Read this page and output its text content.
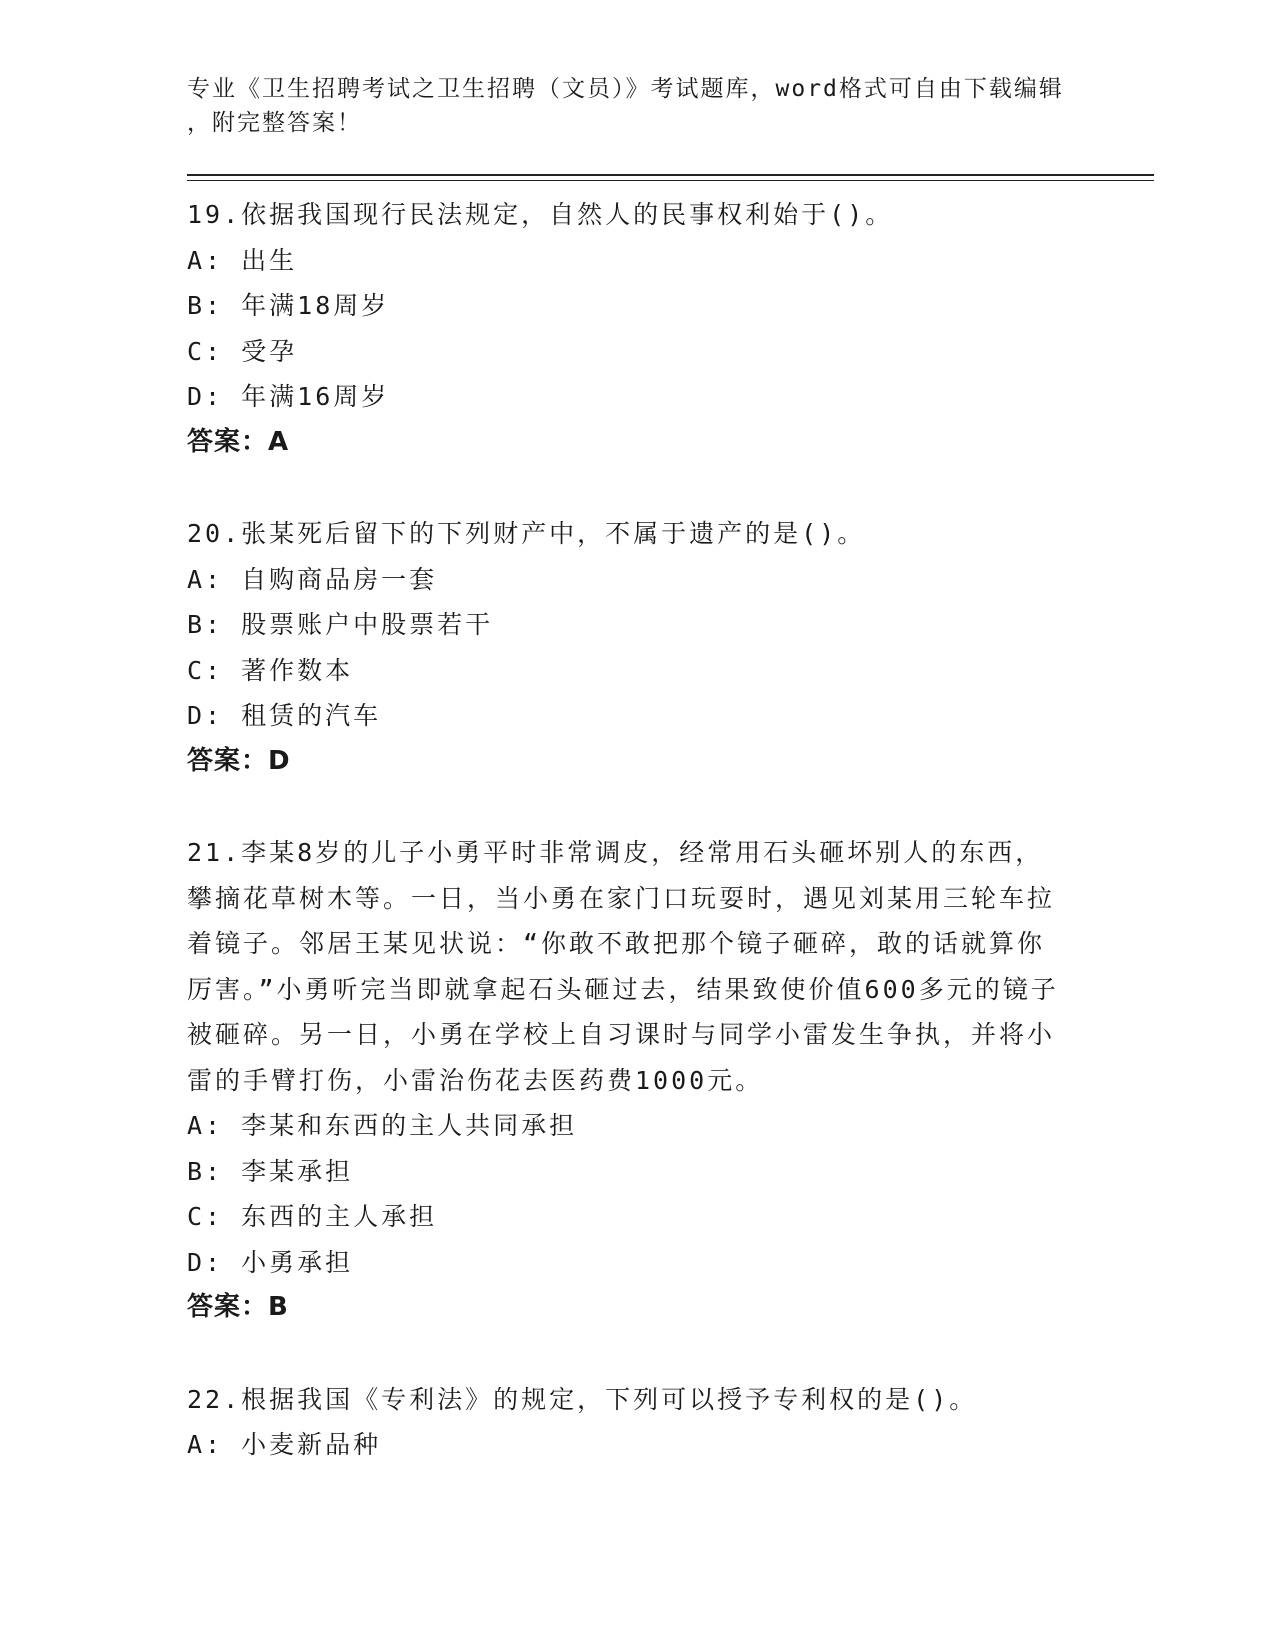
专业《卫生招聘考试之卫生招聘（文员）》考试题库，word格式可自由下载编辑
，附完整答案！

19.依据我国现行民法规定，自然人的民事权利始于()。

A: 出生

B: 年满18周岁

C: 受孕

D: 年满16周岁

答案：A

20.张某死后留下的下列财产中，不属于遗产的是()。

A: 自购商品房一套

B: 股票账户中股票若干

C: 著作数本

D: 租赁的汽车

答案：D

21.李某8岁的儿子小勇平时非常调皮，经常用石头砸坏别人的东西，攀摘花草树木等。一日，当小勇在家门口玩耍时，遇见刘某用三轮车拉着镜子。邻居王某见状说：“你敢不敢把那个镜子砸碎，敢的话就算你厉害。”小勇听完当即就拿起石头砸过去，结果致使价值600多元的镜子被砸碎。另一日，小勇在学校上自习课时与同学小雷发生争执，并将小雷的手臂打伤，小雷治伤花去医药费1000元。

A: 李某和东西的主人共同承担

B: 李某承担

C: 东西的主人承担

D: 小勇承担

答案：B

22.根据我国《专利法》的规定，下列可以授予专利权的是()。

A: 小麦新品种
